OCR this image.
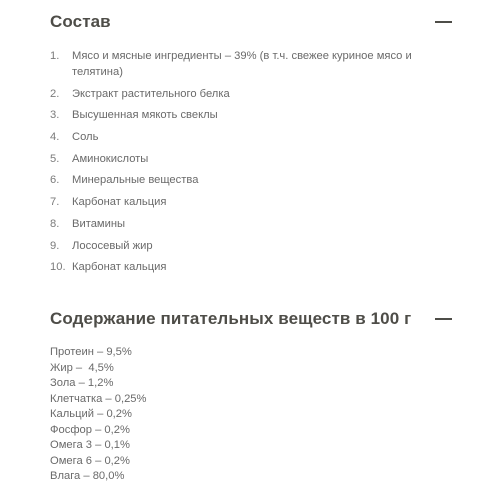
Состав
1.	Мясо и мясные ингредиенты – 39% (в т.ч. свежее куриное мясо и телятина)
2.	Экстракт растительного белка
3.	Высушенная мякоть свеклы
4.	Соль
5.	Аминокислоты
6.	Минеральные вещества
7.	Карбонат кальция
8.	Витамины
9.	Лососевый жир
10. Карбонат кальция
Содержание питательных веществ в 100 г
Протеин – 9,5%
Жир –  4,5%
Зола – 1,2%
Клетчатка – 0,25%
Кальций – 0,2%
Фосфор – 0,2%
Омега 3 – 0,1%
Омега 6 – 0,2%
Влага – 80,0%
